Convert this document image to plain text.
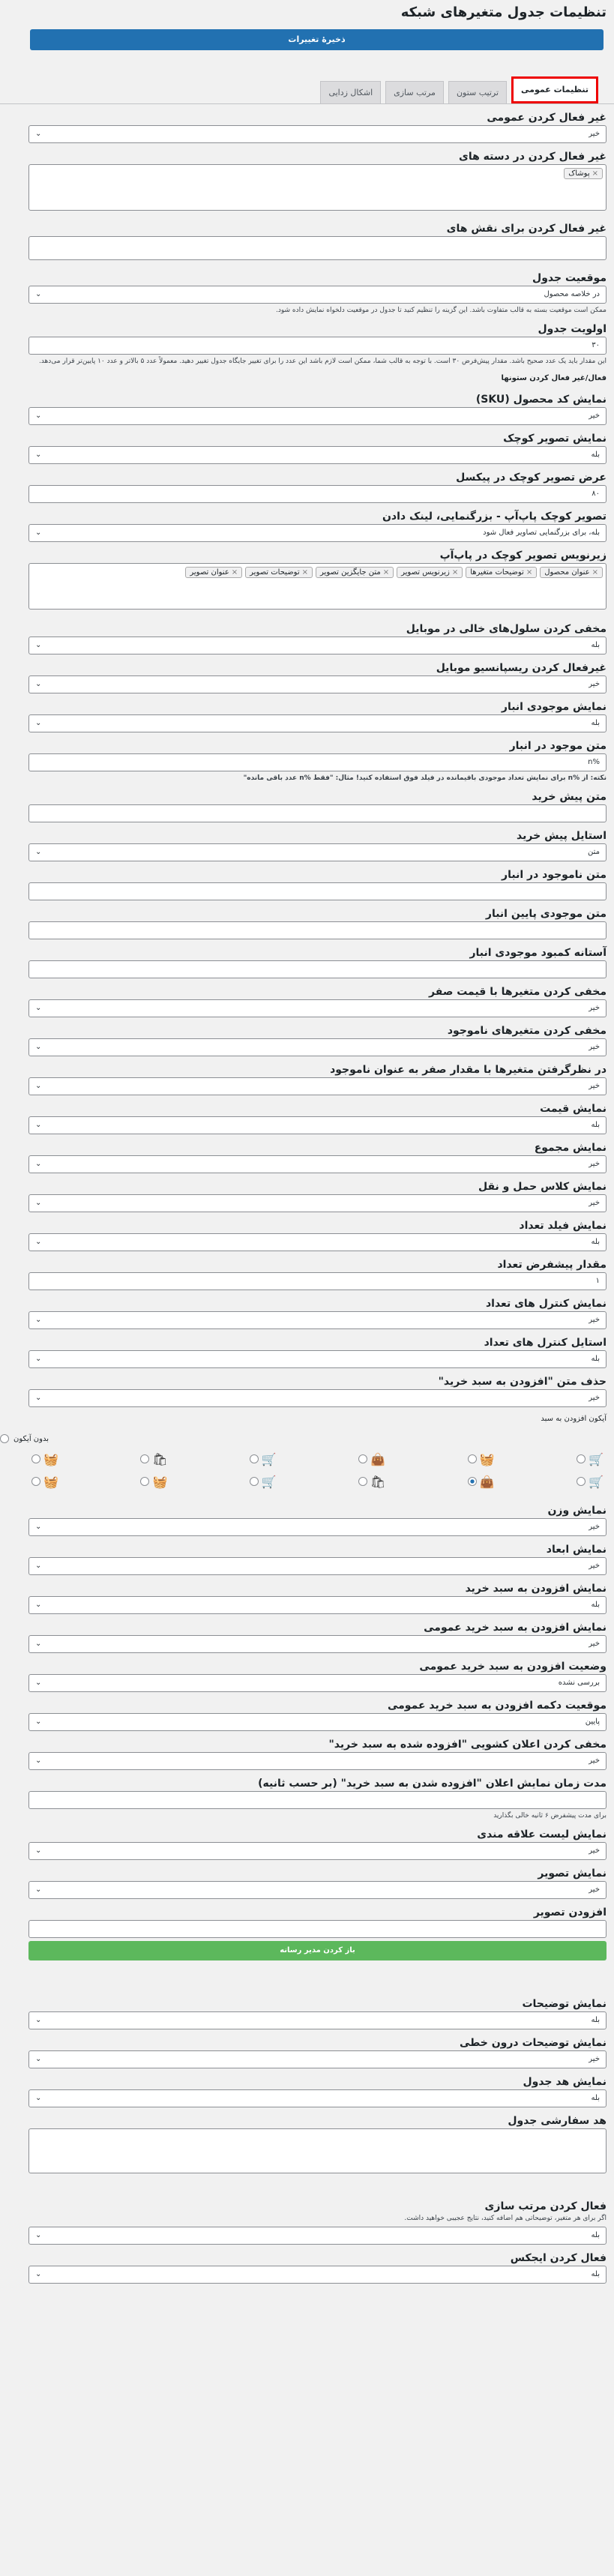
تنظیمات جدول متغیرهای شبکه
ذخیرهٔ تغییرات
تنظیمات عمومی
ترتیب ستون
مرتب سازی
اشکال زدایی
غیر فعال کردن عمومی
خیر
⌄
غیر فعال کردن در دسته های
×پوشاک
غیر فعال کردن برای نقش های
موقعیت جدول
در خلاصه محصول
⌄
ممکن است موقعیت بسته به قالب متفاوت باشد. این گزینه را تنظیم کنید تا جدول در موقعیت دلخواه نمایش داده شود.
اولویت جدول
۳۰
این مقدار باید یک عدد صحیح باشد. مقدار پیش‌فرض ۳۰ است. با توجه به قالب شما، ممکن است لازم باشد این عدد را برای تغییر جایگاه جدول تغییر دهید. معمولاً عدد ۵ بالاتر و عدد ۱۰ پایین‌تر قرار می‌دهد.
فعال/غیر فعال کردن ستونها
نمایش کد محصول (SKU)
خیر
⌄
نمایش تصویر کوچک
بله
⌄
عرض تصویر کوچک در پیکسل
۸۰
تصویر کوچک پاپ‌آپ - بزرگنمایی، لینک دادن
بله، برای بزرگنمایی تصاویر فعال شود
⌄
زیرنویس تصویر کوچک در پاپ‌آپ
×عنوان محصول
×توضیحات متغیرها
×زیرنویس تصویر
×متن جایگزین تصویر
×توضیحات تصویر
×عنوان تصویر
مخفی کردن سلول‌های خالی در موبایل
بله
⌄
غیرفعال کردن ریسپانسیو موبایل
خیر
⌄
نمایش موجودی انبار
بله
⌄
متن موجود در انبار
%n
نکته: از %n برای نمایش تعداد موجودی باقیمانده در فیلد فوق استفاده کنید! مثال: "فقط %n عدد باقی مانده"
متن پیش خرید
استایل پیش خرید
متن
⌄
متن ناموجود در انبار
متن موجودی پایین انبار
آستانه کمبود موجودی انبار
مخفی کردن متغیرها با قیمت صفر
خیر
⌄
مخفی کردن متغیرهای ناموجود
خیر
⌄
در نظرگرفتن متغیرها با مقدار صفر به عنوان ناموجود
خیر
⌄
نمایش قیمت
بله
⌄
نمایش مجموع
خیر
⌄
نمایش کلاس حمل و نقل
خیر
⌄
نمایش فیلد تعداد
بله
⌄
مقدار پیشفرض تعداد
۱
نمایش کنترل های تعداد
خیر
⌄
استایل کنترل های تعداد
بله
⌄
حذف متن "افزودن به سبد خرید"
خیر
⌄
آیکون افزودن به سبد
بدون آیکون
🛒
🧺
👜
🛒
🛍
🧺
🛒
👜
🛍
🛒
🧺
🧺
نمایش وزن
خیر
⌄
نمایش ابعاد
خیر
⌄
نمایش افزودن به سبد خرید
بله
⌄
نمایش افزودن به سبد خرید عمومی
خیر
⌄
وضعیت افزودن به سبد خرید عمومی
بررسی نشده
⌄
موقعیت دکمه افزودن به سبد خرید عمومی
پایین
⌄
مخفی کردن اعلان کشویی "افزوده شده به سبد خرید"
خیر
⌄
مدت زمان نمایش اعلان "افزوده شدن به سبد خرید" (بر حسب ثانیه)
برای مدت پیشفرض ۶ ثانیه خالی بگذارید
نمایش لیست علاقه مندی
خیر
⌄
نمایش تصویر
خیر
⌄
افزودن تصویر
باز کردن مدیر رسانه
نمایش توضیحات
بله
⌄
نمایش توضیحات درون خطی
خیر
⌄
نمایش هد جدول
بله
⌄
هد سفارشی جدول
فعال کردن مرتب سازی
اگر برای هر متغیر، توضیحاتی هم اضافه کنید، نتایج عجیبی خواهید داشت.
بله
⌄
فعال کردن ایجکس
بله
⌄
